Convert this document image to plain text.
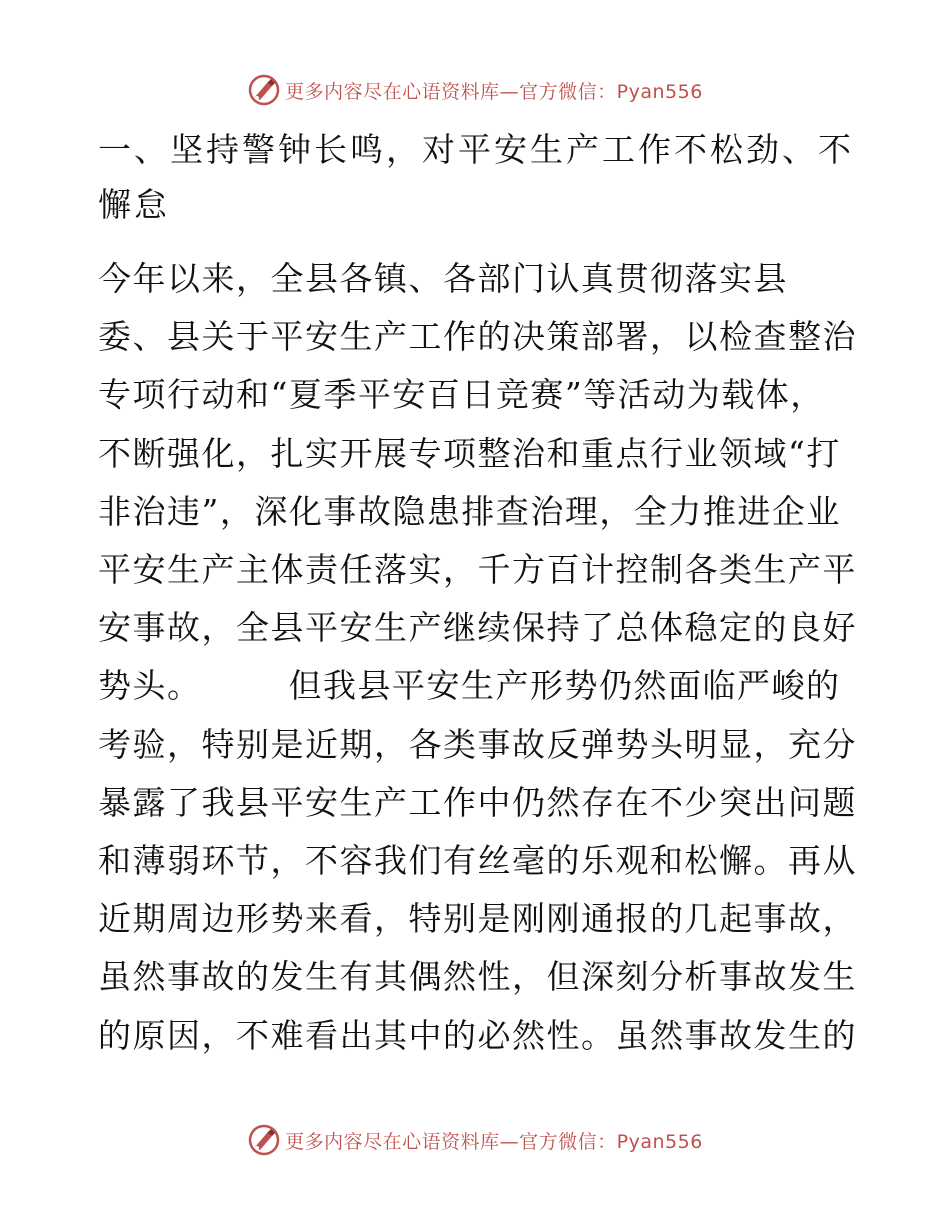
更多内容尽在心语资料库—官方微信：Pyan556
一、坚持警钟长鸣，对平安生产工作不松劲、不
懈怠
今年以来，全县各镇、各部门认真贯彻落实县
委、县关于平安生产工作的决策部署，以检查整治
专项行动和“夏季平安百日竞赛”等活动为载体，
不断强化，扎实开展专项整治和重点行业领域“打
非治违”，深化事故隐患排查治理，全力推进企业
平安生产主体责任落实，千方百计控制各类生产平
安事故，全县平安生产继续保持了总体稳定的良好
势头。　　　但我县平安生产形势仍然面临严峻的
考验，特别是近期，各类事故反弹势头明显，充分
暴露了我县平安生产工作中仍然存在不少突出问题
和薄弱环节，不容我们有丝毫的乐观和松懈。再从
近期周边形势来看，特别是刚刚通报的几起事故，
虽然事故的发生有其偶然性，但深刻分析事故发生
的原因，不难看出其中的必然性。虽然事故发生的
更多内容尽在心语资料库—官方微信：Pyan556
